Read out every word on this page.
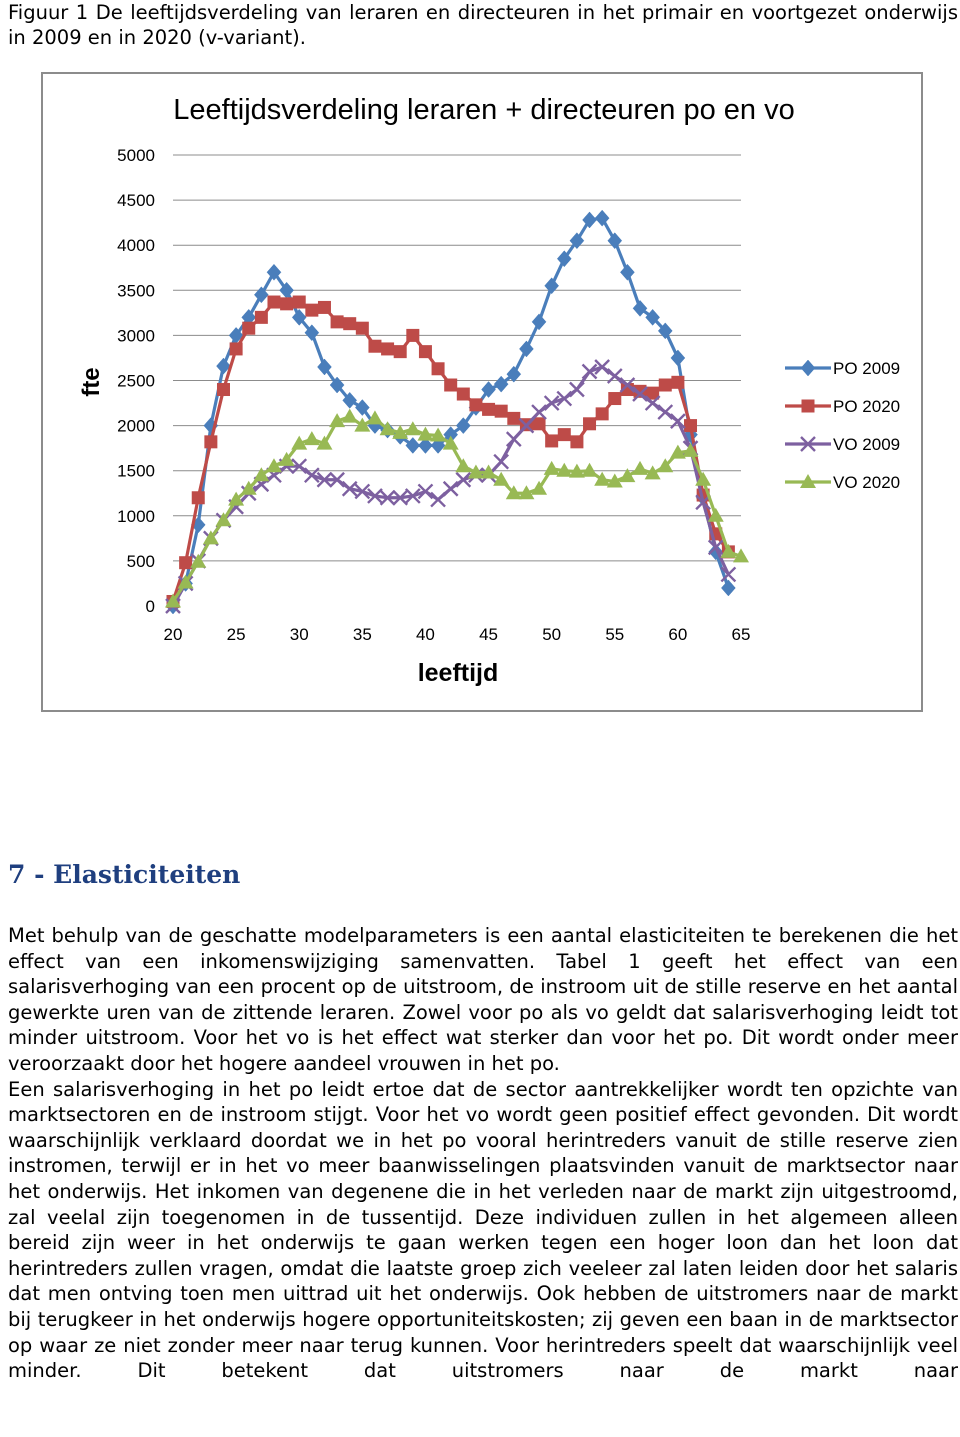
Figuur 1 De leeftijdsverdeling van leraren en directeuren in het primair en voortgezet onderwijs in 2009 en in 2020 (v-variant).
Leeftijdsverdeling leraren + directeuren po en vo
fte
leeftijd
0
500
1000
1500
2000
2500
3000
3500
4000
4500
5000
20	25	30	35	40	45	50	55	60	65
PO 2009
PO 2020
VO 2009
VO 2020
7 - Elasticiteiten

Met behulp van de geschatte modelparameters is een aantal elasticiteiten te berekenen die het effect van een inkomenswijziging samenvatten. Tabel 1 geeft het effect van een salarisverhoging van een procent op de uitstroom, de instroom uit de stille reserve en het aantal gewerkte uren van de zittende leraren. Zowel voor po als vo geldt dat salarisverhoging leidt tot minder uitstroom. Voor het vo is het effect wat sterker dan voor het po. Dit wordt onder meer veroorzaakt door het hogere aandeel vrouwen in het po.

Een salarisverhoging in het po leidt ertoe dat de sector aantrekkelijker wordt ten opzichte van marktsectoren en de instroom stijgt. Voor het vo wordt geen positief effect gevonden. Dit wordt waarschijnlijk verklaard doordat we in het po vooral herintreders vanuit de stille reserve zien instromen, terwijl er in het vo meer baanwisselingen plaatsvinden vanuit de marktsector naar het onderwijs. Het inkomen van degenene die in het verleden naar de markt zijn uitgestroomd, zal veelal zijn toegenomen in de tussentijd. Deze individuen zullen in het algemeen alleen bereid zijn weer in het onderwijs te gaan werken tegen een hoger loon dan het loon dat herintreders zullen vragen, omdat die laatste groep zich veeleer zal laten leiden door het salaris dat men ontving toen men uittrad uit het onderwijs. Ook hebben de uitstromers naar de markt bij terugkeer in het onderwijs hogere opportuniteitskosten; zij geven een baan in de marktsector op waar ze niet zonder meer naar terug kunnen. Voor herintreders speelt dat waarschijnlijk veel minder. Dit betekent dat uitstromers naar de markt naar
